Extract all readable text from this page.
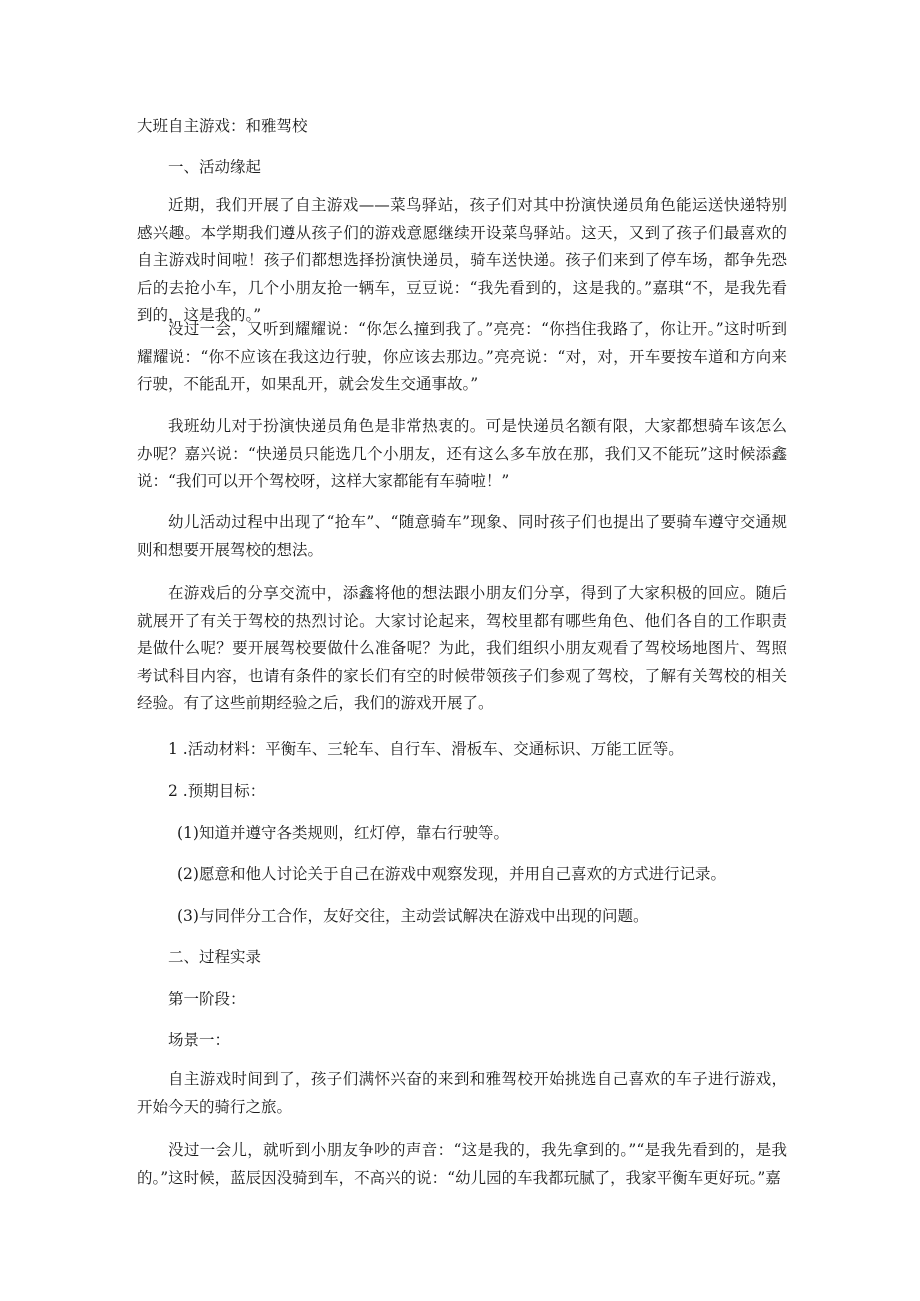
大班自主游戏：和雅驾校
一、活动缘起
近期，我们开展了自主游戏——菜鸟驿站，孩子们对其中扮演快递员角色能运送快递特别感兴趣。本学期我们遵从孩子们的游戏意愿继续开设菜鸟驿站。这天，又到了孩子们最喜欢的自主游戏时间啦！孩子们都想选择扮演快递员，骑车送快递。孩子们来到了停车场，都争先恐后的去抢小车，几个小朋友抢一辆车，豆豆说：“我先看到的，这是我的。”嘉琪“不，是我先看到的，这是我的。”
没过一会，又听到耀耀说：“你怎么撞到我了。”亮亮：“你挡住我路了，你让开。”这时听到耀耀说：“你不应该在我这边行驶，你应该去那边。”亮亮说：“对，对，开车要按车道和方向来行驶，不能乱开，如果乱开，就会发生交通事故。”
我班幼儿对于扮演快递员角色是非常热衷的。可是快递员名额有限，大家都想骑车该怎么办呢？嘉兴说：“快递员只能选几个小朋友，还有这么多车放在那，我们又不能玩”这时候添鑫说：“我们可以开个驾校呀，这样大家都能有车骑啦！”
幼儿活动过程中出现了“抢车”、“随意骑车”现象、同时孩子们也提出了要骑车遵守交通规则和想要开展驾校的想法。
在游戏后的分享交流中，添鑫将他的想法跟小朋友们分享，得到了大家积极的回应。随后就展开了有关于驾校的热烈讨论。大家讨论起来，驾校里都有哪些角色、他们各自的工作职责是做什么呢？要开展驾校要做什么准备呢？为此，我们组织小朋友观看了驾校场地图片、驾照考试科目内容，也请有条件的家长们有空的时候带领孩子们参观了驾校，了解有关驾校的相关经验。有了这些前期经验之后，我们的游戏开展了。
1 .活动材料：平衡车、三轮车、自行车、滑板车、交通标识、万能工匠等。
2 .预期目标：
(1)知道并遵守各类规则，红灯停，靠右行驶等。
(2)愿意和他人讨论关于自己在游戏中观察发现，并用自己喜欢的方式进行记录。
(3)与同伴分工合作，友好交往，主动尝试解决在游戏中出现的问题。
二、过程实录
第一阶段：
场景一：
自主游戏时间到了，孩子们满怀兴奋的来到和雅驾校开始挑选自己喜欢的车子进行游戏，开始今天的骑行之旅。
没过一会儿，就听到小朋友争吵的声音：“这是我的，我先拿到的。”“是我先看到的，是我的。”这时候，蓝辰因没骑到车，不高兴的说：“幼儿园的车我都玩腻了，我家平衡车更好玩。”嘉
